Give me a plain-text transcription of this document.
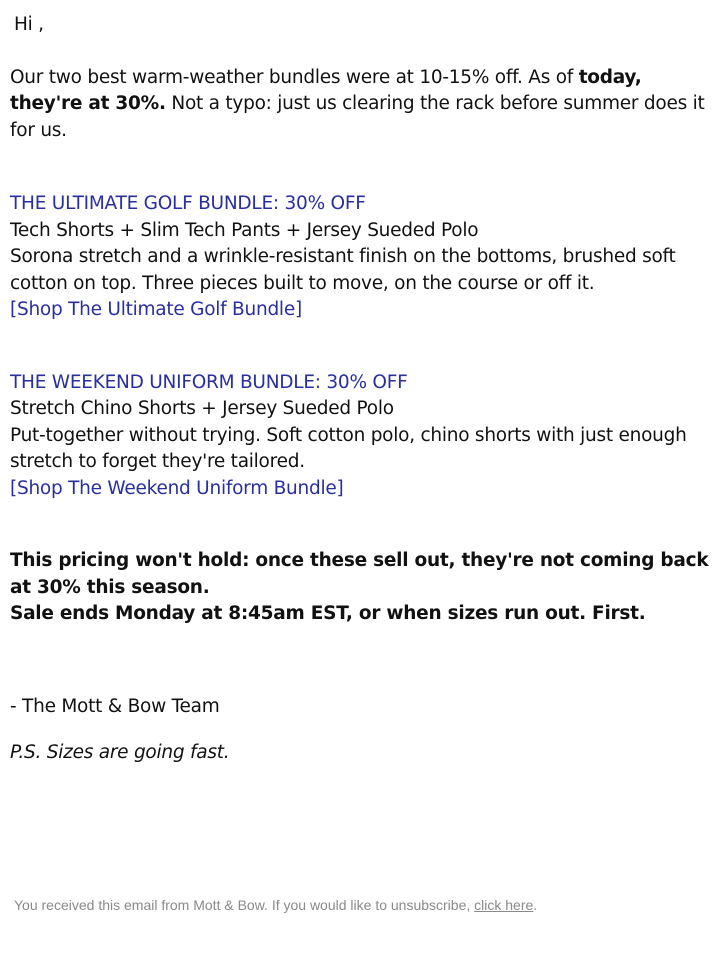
Hi ,

Our two best warm-weather bundles were at 10-15% off. As of today, they're at 30%. Not a typo: just us clearing the rack before summer does it for us.

THE ULTIMATE GOLF BUNDLE: 30% OFF
Tech Shorts + Slim Tech Pants + Jersey Sueded Polo
Sorona stretch and a wrinkle-resistant finish on the bottoms, brushed soft cotton on top. Three pieces built to move, on the course or off it.
[Shop The Ultimate Golf Bundle]
THE WEEKEND UNIFORM BUNDLE: 30% OFF
Stretch Chino Shorts + Jersey Sueded Polo
Put-together without trying. Soft cotton polo, chino shorts with just enough stretch to forget they're tailored.
[Shop The Weekend Uniform Bundle]
This pricing won't hold: once these sell out, they're not coming back at 30% this season.
Sale ends Monday at 8:45am EST, or when sizes run out. First.
- The Mott & Bow Team
P.S. Sizes are going fast.
You received this email from Mott & Bow. If you would like to unsubscribe, click here.
